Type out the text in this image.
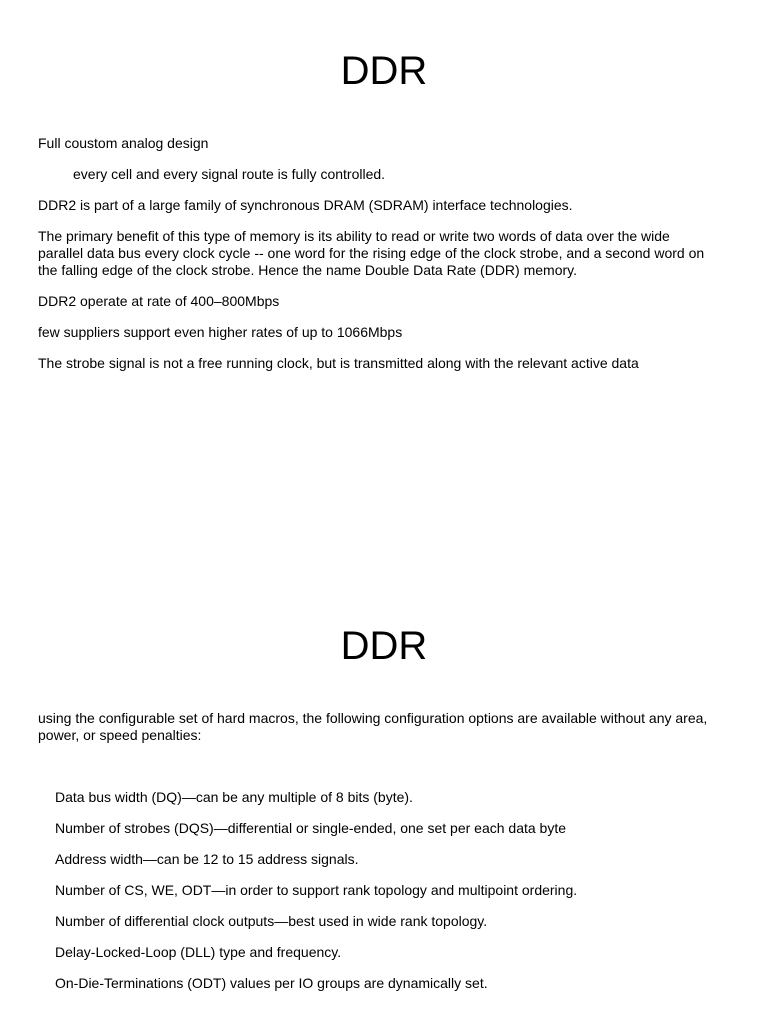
DDR

Full coustom analog design

every cell and every signal route is fully controlled.

DDR2 is part of a large family of synchronous DRAM (SDRAM) interface technologies.

The primary benefit of this type of memory is its ability to read or write two words of data over the wide parallel data bus every clock cycle -- one word for the rising edge of the clock strobe, and a second word on the falling edge of the clock strobe. Hence the name Double Data Rate (DDR) memory.

DDR2 operate at rate of 400–800Mbps

few suppliers support even higher rates of up to 1066Mbps

The strobe signal is not a free running clock, but is transmitted along with the relevant active data

DDR

using the configurable set of hard macros, the following configuration options are available without any area, power, or speed penalties:

Data bus width (DQ)—can be any multiple of 8 bits (byte).

Number of strobes (DQS)—differential or single-ended, one set per each data byte

Address width—can be 12 to 15 address signals.

Number of CS, WE, ODT—in order to support rank topology and multipoint ordering.

Number of differential clock outputs—best used in wide rank topology.

Delay-Locked-Loop (DLL) type and frequency.

On-Die-Terminations (ODT) values per IO groups are dynamically set.
